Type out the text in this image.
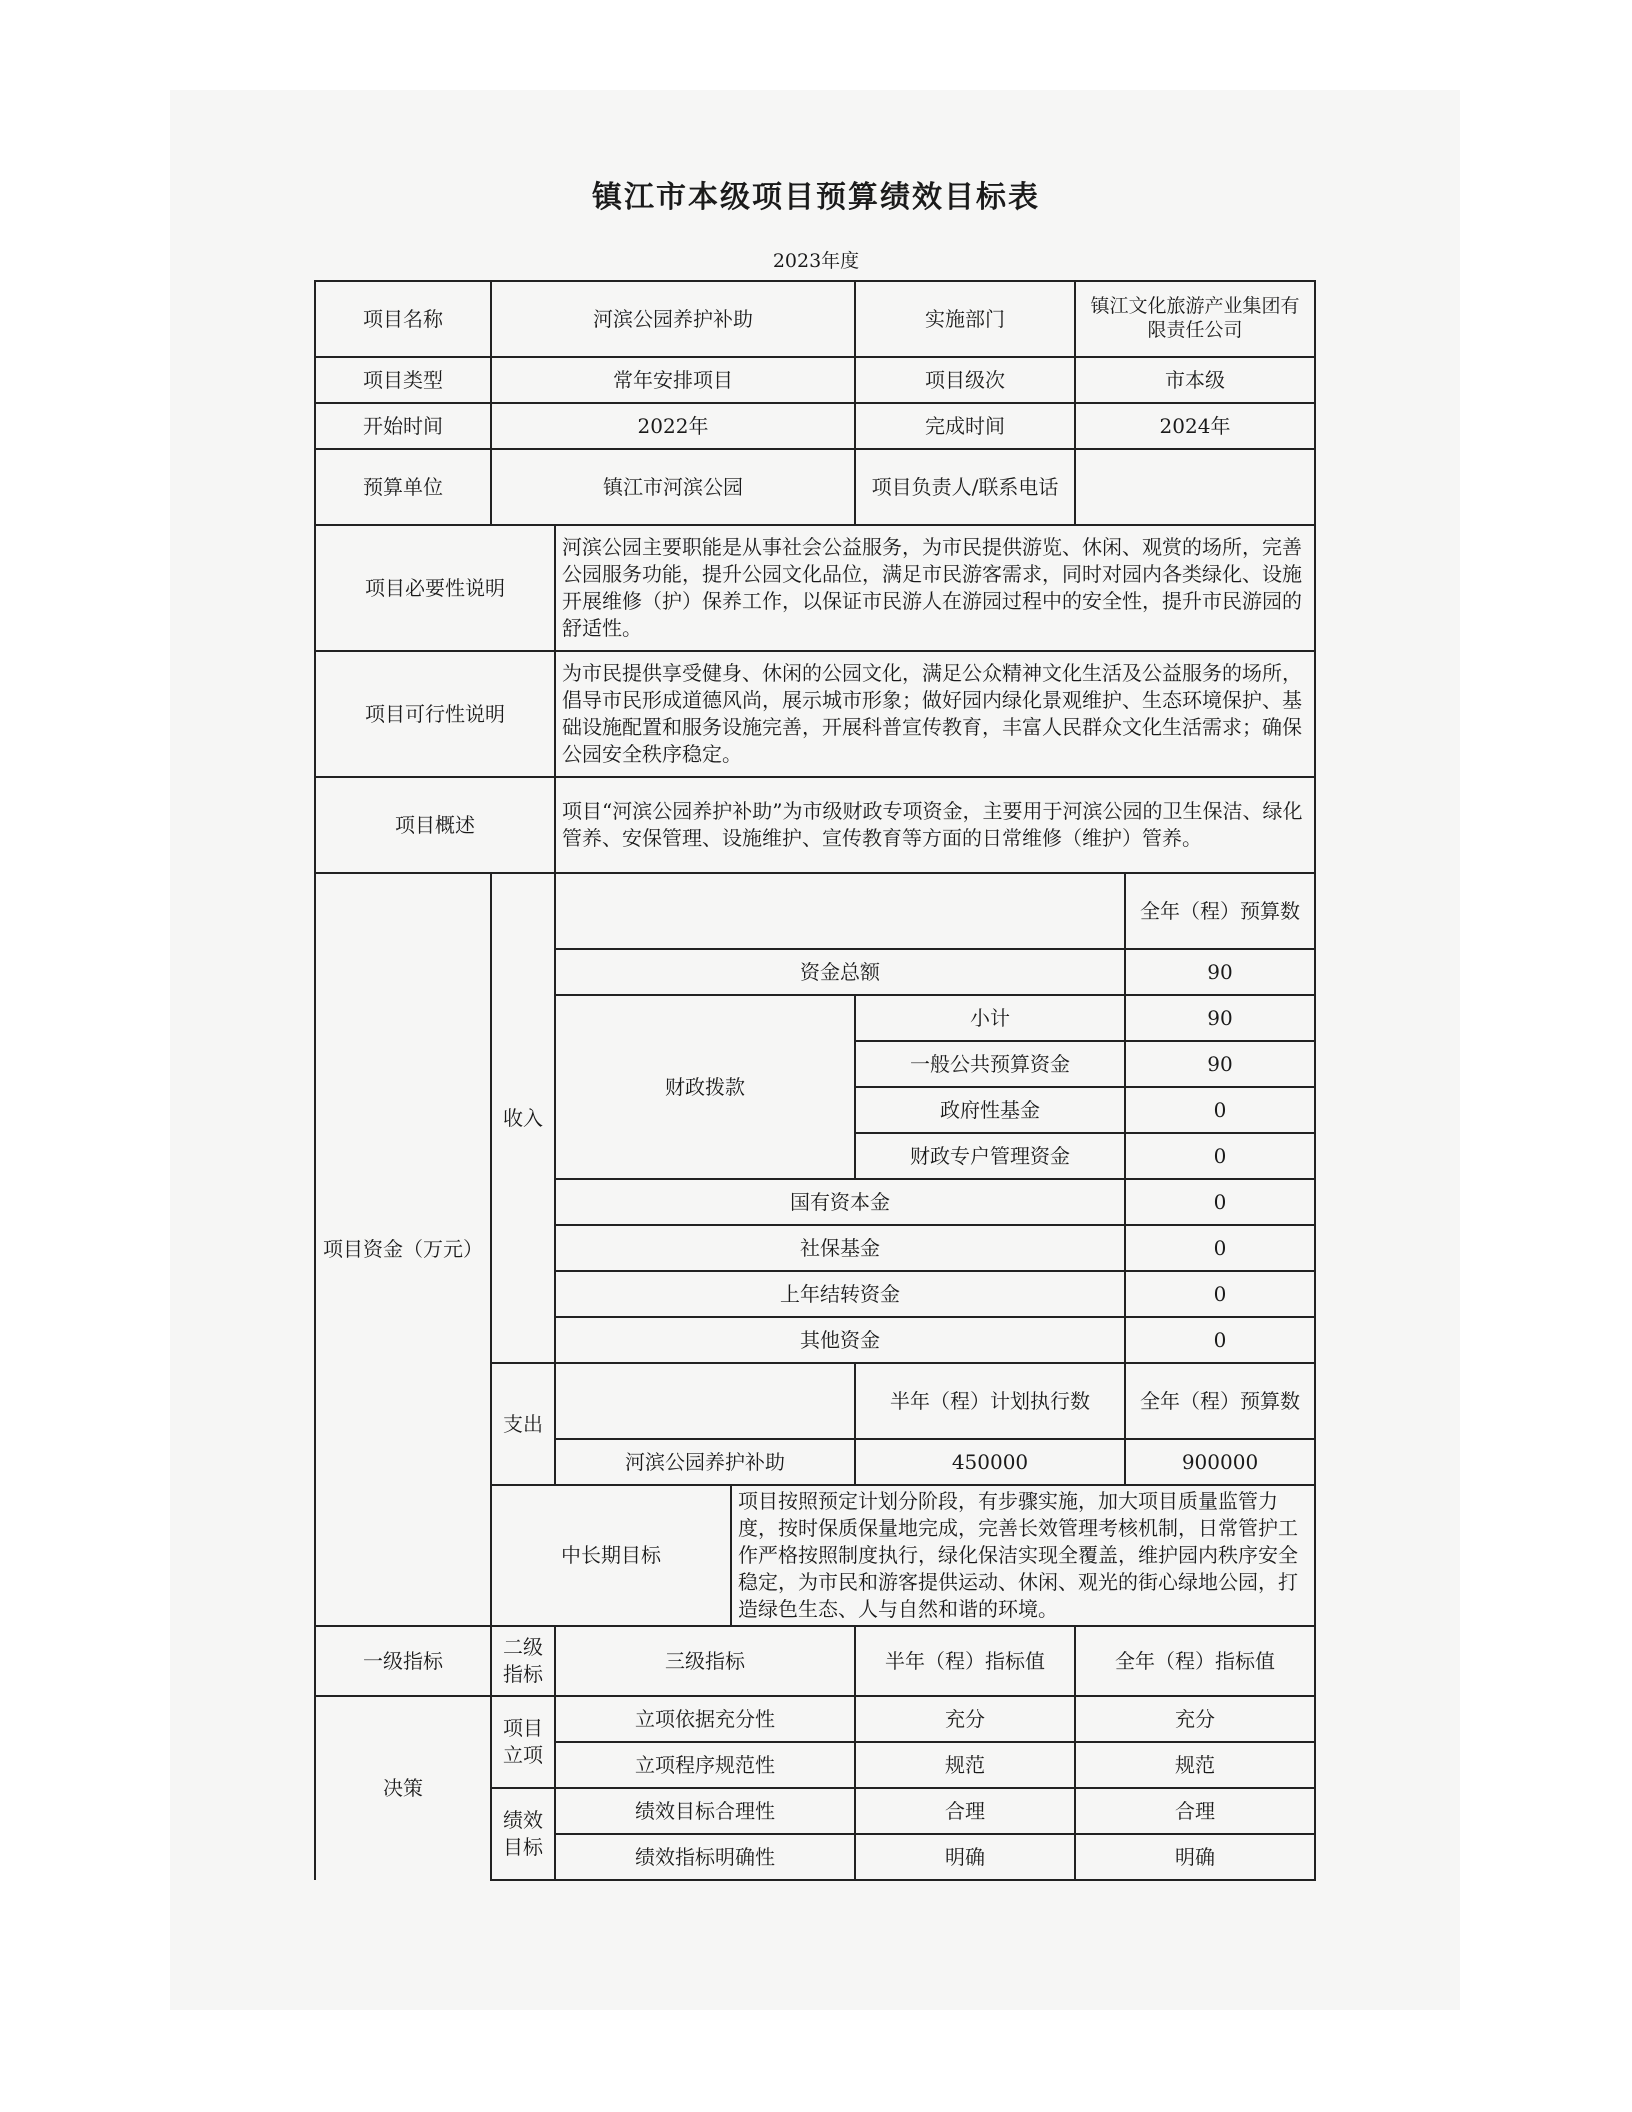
镇江市本级项目预算绩效目标表
2023年度
项目名称	河滨公园养护补助			实施部门	镇江文化旅游产业集团有限责任公司	
项目类型	常年安排项目			项目级次	市本级	
开始时间	2022年			完成时间	2024年	
预算单位	镇江市河滨公园			项目负责人/联系电话		
项目必要性说明		河滨公园主要职能是从事社会公益服务，为市民提供游览、休闲、观赏的场所，完善公园服务功能，提升公园文化品位，满足市民游客需求，同时对园内各类绿化、设施开展维修（护）保养工作，以保证市民游人在游园过程中的安全性，提升市民游园的舒适性。				
项目可行性说明		为市民提供享受健身、休闲的公园文化，满足公众精神文化生活及公益服务的场所，倡导市民形成道德风尚，展示城市形象；做好园内绿化景观维护、生态环境保护、基础设施配置和服务设施完善，开展科普宣传教育，丰富人民群众文化生活需求；确保公园安全秩序稳定。				
项目概述		项目“河滨公园养护补助”为市级财政专项资金，主要用于河滨公园的卫生保洁、绿化管养、安保管理、设施维护、宣传教育等方面的日常维修（维护）管养。				

项目资金（万元）	收入					全年（程）预算数
		资金总额				90
		财政拨款		小计		90
				一般公共预算资金		90
				政府性基金		0
				财政专户管理资金		0
		国有资本金				0
		社保基金				0
		上年结转资金				0
		其他资金				0
	支出			半年（程）计划执行数		全年（程）预算数
		河滨公园养护补助		450000		900000
	中长期目标		项目按照预定计划分阶段，有步骤实施，加大项目质量监管力度，按时保质保量地完成，完善长效管理考核机制，日常管护工作严格按照制度执行，绿化保洁实现全覆盖，维护园内秩序安全稳定，为市民和游客提供运动、休闲、观光的街心绿地公园，打造绿色生态、人与自然和谐的环境。			
一级指标	二级指标	三级指标		半年（程）指标值	全年（程）指标值	
决策	项目立项	立项依据充分性		充分	充分	
		立项程序规范性		规范	规范	
	绩效目标	绩效目标合理性		合理	合理	
		绩效指标明确性		明确	明确	
